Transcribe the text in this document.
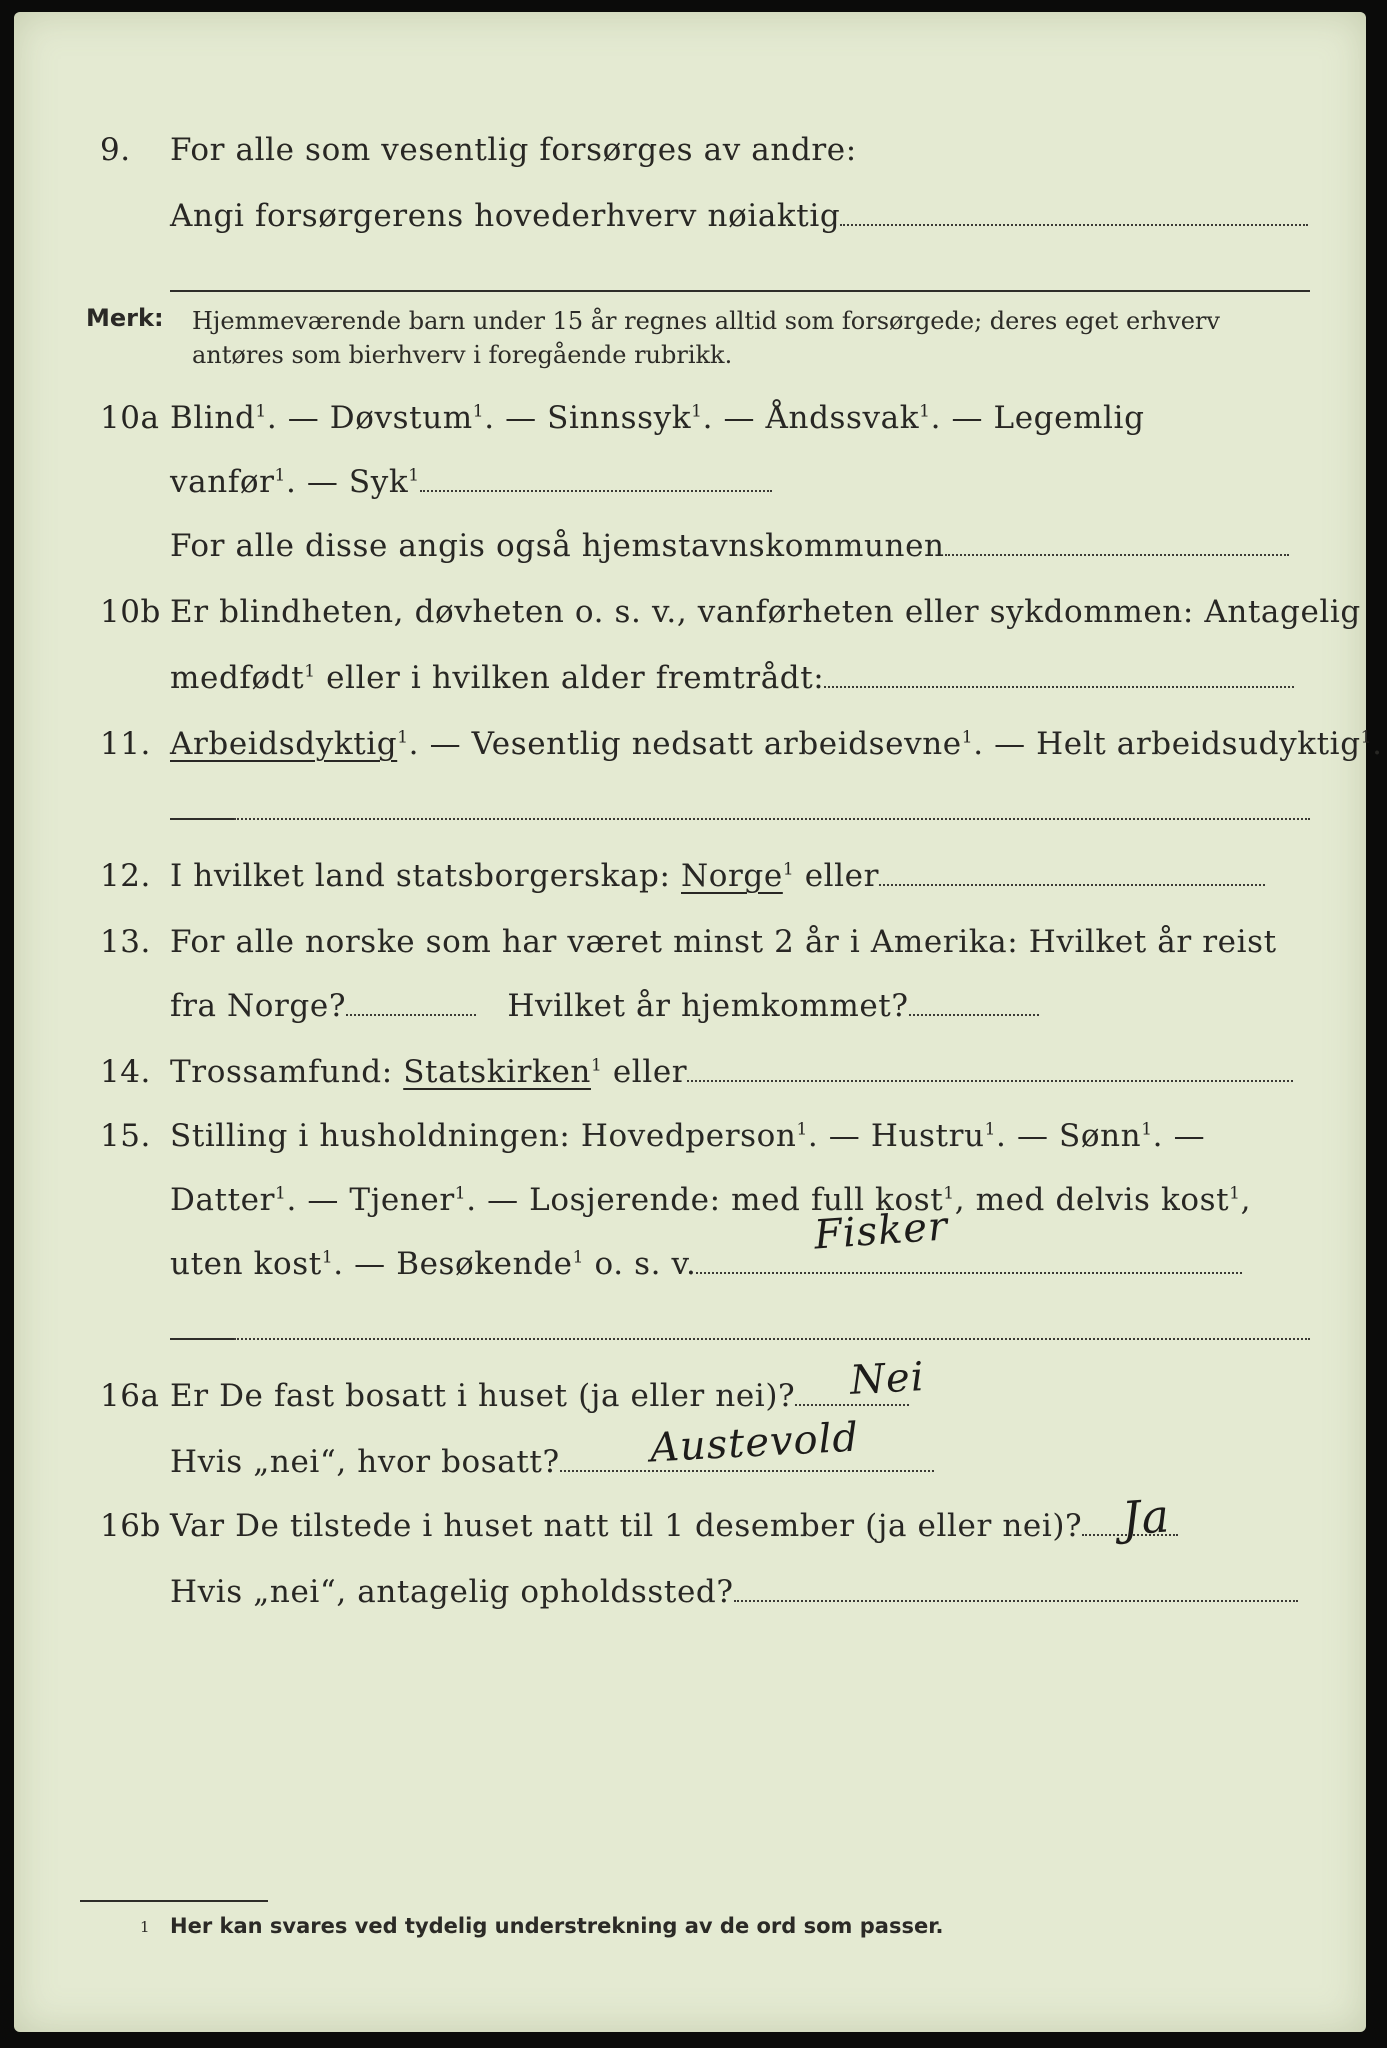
9. For alle som vesentlig forsørges av andre:
Angi forsørgerens hovederhverv nøiaktig
Merk: Hjemmeværende barn under 15 år regnes alltid som forsørgede; deres eget erhverv
antøres som bierhverv i foregående rubrikk.
10a Blind$^1$. — Døvstum$^1$. — Sinnssyk$^1$. — Åndssvak$^1$. — Legemlig
vanfør$^1$. — Syk$^1$
For alle disse angis også hjemstavnskommunen
10b Er blindheten, døvheten o. s. v., vanførheten eller sykdommen: Antagelig
medfødt$^1$ eller i hvilken alder fremtrådt:
11. Arbeidsdyktig$^1$. — Vesentlig nedsatt arbeidsevne$^1$. — Helt arbeidsudyktig$^1$.
12. I hvilket land statsborgerskap: Norge$^1$ eller
13. For alle norske som har været minst 2 år i Amerika: Hvilket år reist
fra Norge?	Hvilket år hjemkommet?
14. Trossamfund: Statskirken$^1$ eller
15. Stilling i husholdningen: Hovedperson$^1$. — Hustru$^1$. — Sønn$^1$. —
Datter$^1$. — Tjener$^1$. — Losjerende: med full kost$^1$, med delvis kost$^1$,
uten kost$^1$. — Besøkende$^1$ o. s. v.
Fisker
16a Er De fast bosatt i huset (ja eller nei)?	Nei
Hvis „nei“, hvor bosatt?	Austevold
16b Var De tilstede i huset natt til 1 desember (ja eller nei)? Ja
Hvis „nei“, antagelig opholdssted?
1 Her kan svares ved tydelig understrekning av de ord som passer.
